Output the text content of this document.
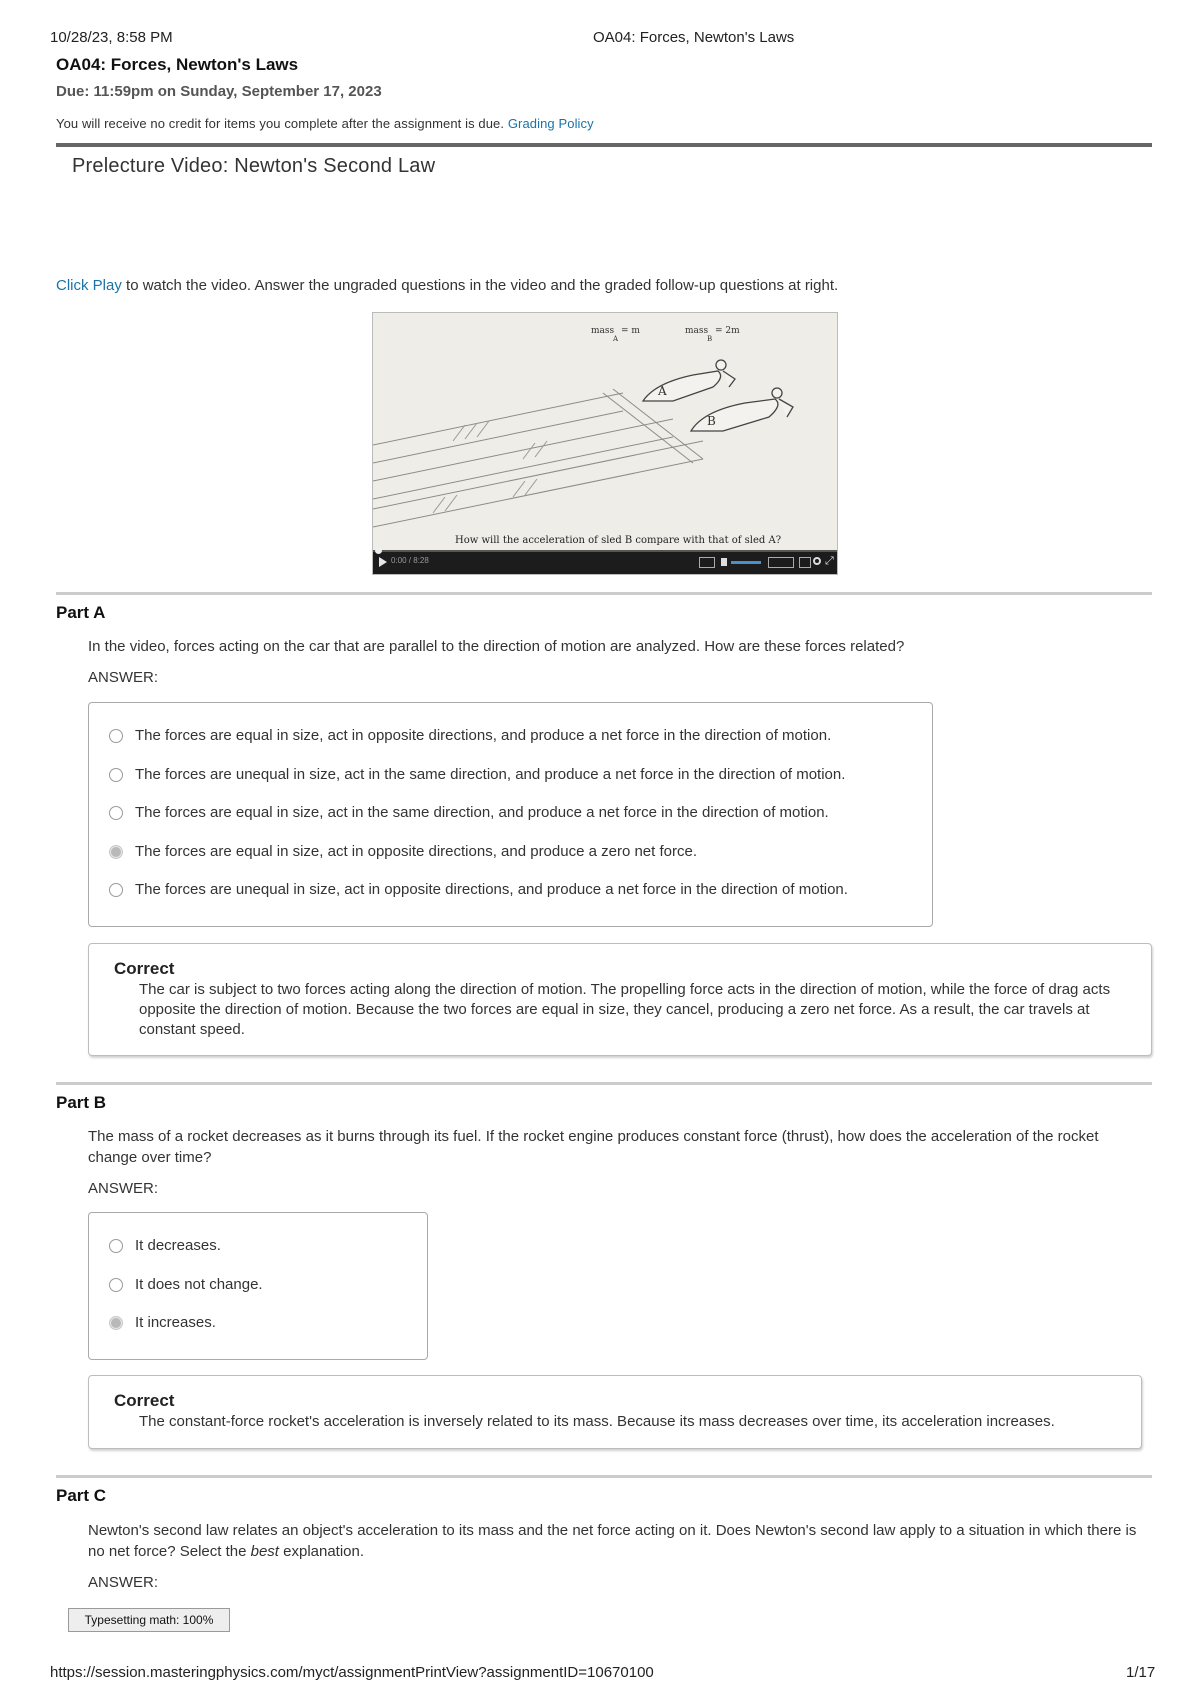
10/28/23, 8:58 PM	OA04: Forces, Newton's Laws
OA04: Forces, Newton's Laws
Due: 11:59pm on Sunday, September 17, 2023
You will receive no credit for items you complete after the assignment is due. Grading Policy
Prelecture Video: Newton's Second Law
Click Play to watch the video. Answer the ungraded questions in the video and the graded follow-up questions at right.
A
B
mass
A
= m	mass
B
= 2m
How will the acceleration of sled B compare with that of sled A?
0:00 / 8:28	⤢
Part A
In the video, forces acting on the car that are parallel to the direction of motion are analyzed. How are these forces related?
ANSWER:
The forces are equal in size, act in opposite directions, and produce a net force in the direction of motion.
The forces are unequal in size, act in the same direction, and produce a net force in the direction of motion.
The forces are equal in size, act in the same direction, and produce a net force in the direction of motion.
The forces are equal in size, act in opposite directions, and produce a zero net force.
The forces are unequal in size, act in opposite directions, and produce a net force in the direction of motion.
Correct
The car is subject to two forces acting along the direction of motion. The propelling force acts in the direction of motion, while the force of drag acts opposite the direction of motion. Because the two forces are equal in size, they cancel, producing a zero net force. As a result, the car travels at constant speed.
Part B
The mass of a rocket decreases as it burns through its fuel. If the rocket engine produces constant force (thrust), how does the acceleration of the rocket change over time?
ANSWER:
It decreases.
It does not change.
It increases.
Correct
The constant-force rocket's acceleration is inversely related to its mass. Because its mass decreases over time, its acceleration increases.
Part C
Newton's second law relates an object's acceleration to its mass and the net force acting on it. Does Newton's second law apply to a situation in which there is no net force? Select the best explanation.
ANSWER:
Typesetting math: 100%
https://session.masteringphysics.com/myct/assignmentPrintView?assignmentID=10670100	1/17
